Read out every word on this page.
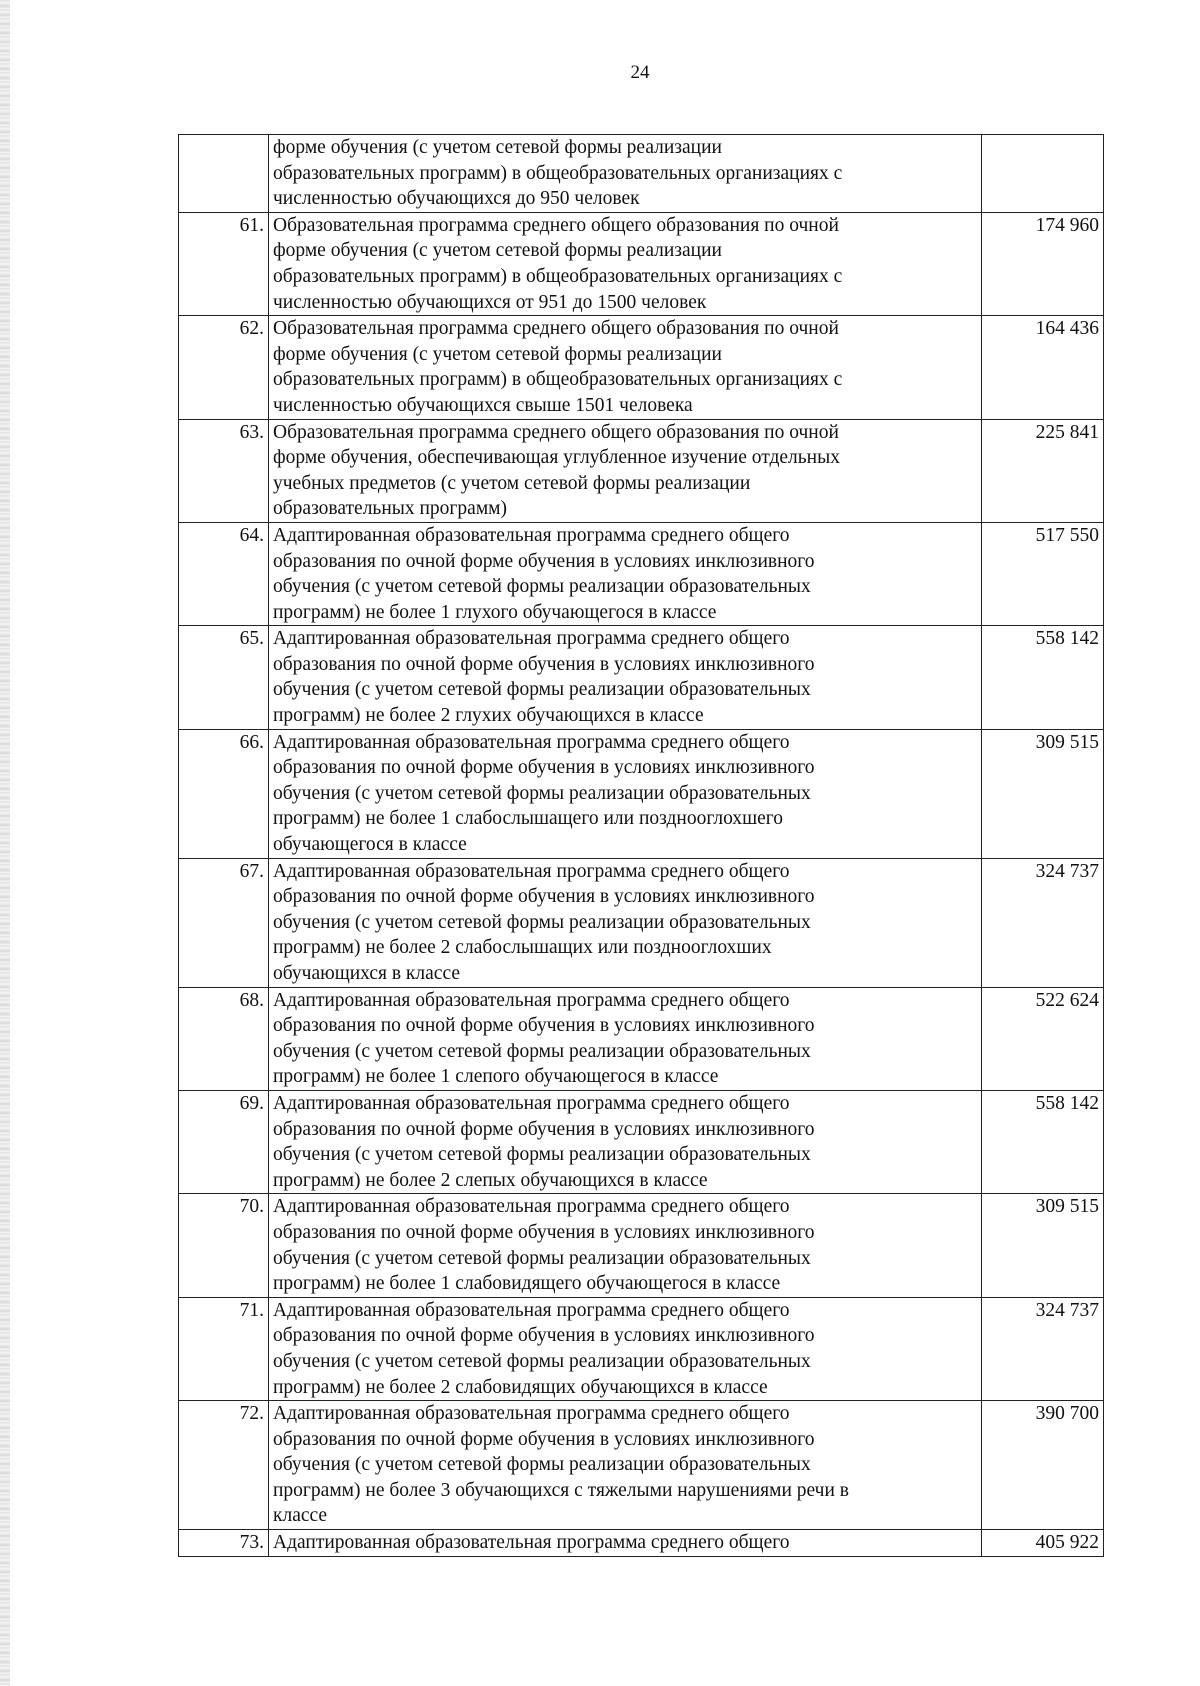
24

	форме обучения (с учетом сетевой формы реализации
образовательных программ) в общеобразовательных организациях с
численностью обучающихся до 950 человек	

61.	Образовательная программа среднего общего образования по очной
форме обучения (с учетом сетевой формы реализации
образовательных программ) в общеобразовательных организациях с
численностью обучающихся от 951 до 1500 человек	174 960
62.	Образовательная программа среднего общего образования по очной
форме обучения (с учетом сетевой формы реализации
образовательных программ) в общеобразовательных организациях с
численностью обучающихся свыше 1501 человека	164 436
63.	Образовательная программа среднего общего образования по очной
форме обучения, обеспечивающая углубленное изучение отдельных
учебных предметов (с учетом сетевой формы реализации
образовательных программ)	225 841
64.	Адаптированная образовательная программа среднего общего
образования по очной форме обучения в условиях инклюзивного
обучения (с учетом сетевой формы реализации образовательных
программ) не более 1 глухого обучающегося в классе	517 550
65.	Адаптированная образовательная программа среднего общего
образования по очной форме обучения в условиях инклюзивного
обучения (с учетом сетевой формы реализации образовательных
программ) не более 2 глухих обучающихся в классе	558 142
66.	Адаптированная образовательная программа среднего общего
образования по очной форме обучения в условиях инклюзивного
обучения (с учетом сетевой формы реализации образовательных
программ) не более 1 слабослышащего или позднооглохшего
обучающегося в классе	309 515
67.	Адаптированная образовательная программа среднего общего
образования по очной форме обучения в условиях инклюзивного
обучения (с учетом сетевой формы реализации образовательных
программ) не более 2 слабослышащих или позднооглохших
обучающихся в классе	324 737
68.	Адаптированная образовательная программа среднего общего
образования по очной форме обучения в условиях инклюзивного
обучения (с учетом сетевой формы реализации образовательных
программ) не более 1 слепого обучающегося в классе	522 624
69.	Адаптированная образовательная программа среднего общего
образования по очной форме обучения в условиях инклюзивного
обучения (с учетом сетевой формы реализации образовательных
программ) не более 2 слепых обучающихся в классе	558 142
70.	Адаптированная образовательная программа среднего общего
образования по очной форме обучения в условиях инклюзивного
обучения (с учетом сетевой формы реализации образовательных
программ) не более 1 слабовидящего обучающегося в классе	309 515
71.	Адаптированная образовательная программа среднего общего
образования по очной форме обучения в условиях инклюзивного
обучения (с учетом сетевой формы реализации образовательных
программ) не более 2 слабовидящих обучающихся в классе	324 737
72.	Адаптированная образовательная программа среднего общего
образования по очной форме обучения в условиях инклюзивного
обучения (с учетом сетевой формы реализации образовательных
программ) не более 3 обучающихся с тяжелыми нарушениями речи в
классе	390 700
73.	Адаптированная образовательная программа среднего общего	405 922
